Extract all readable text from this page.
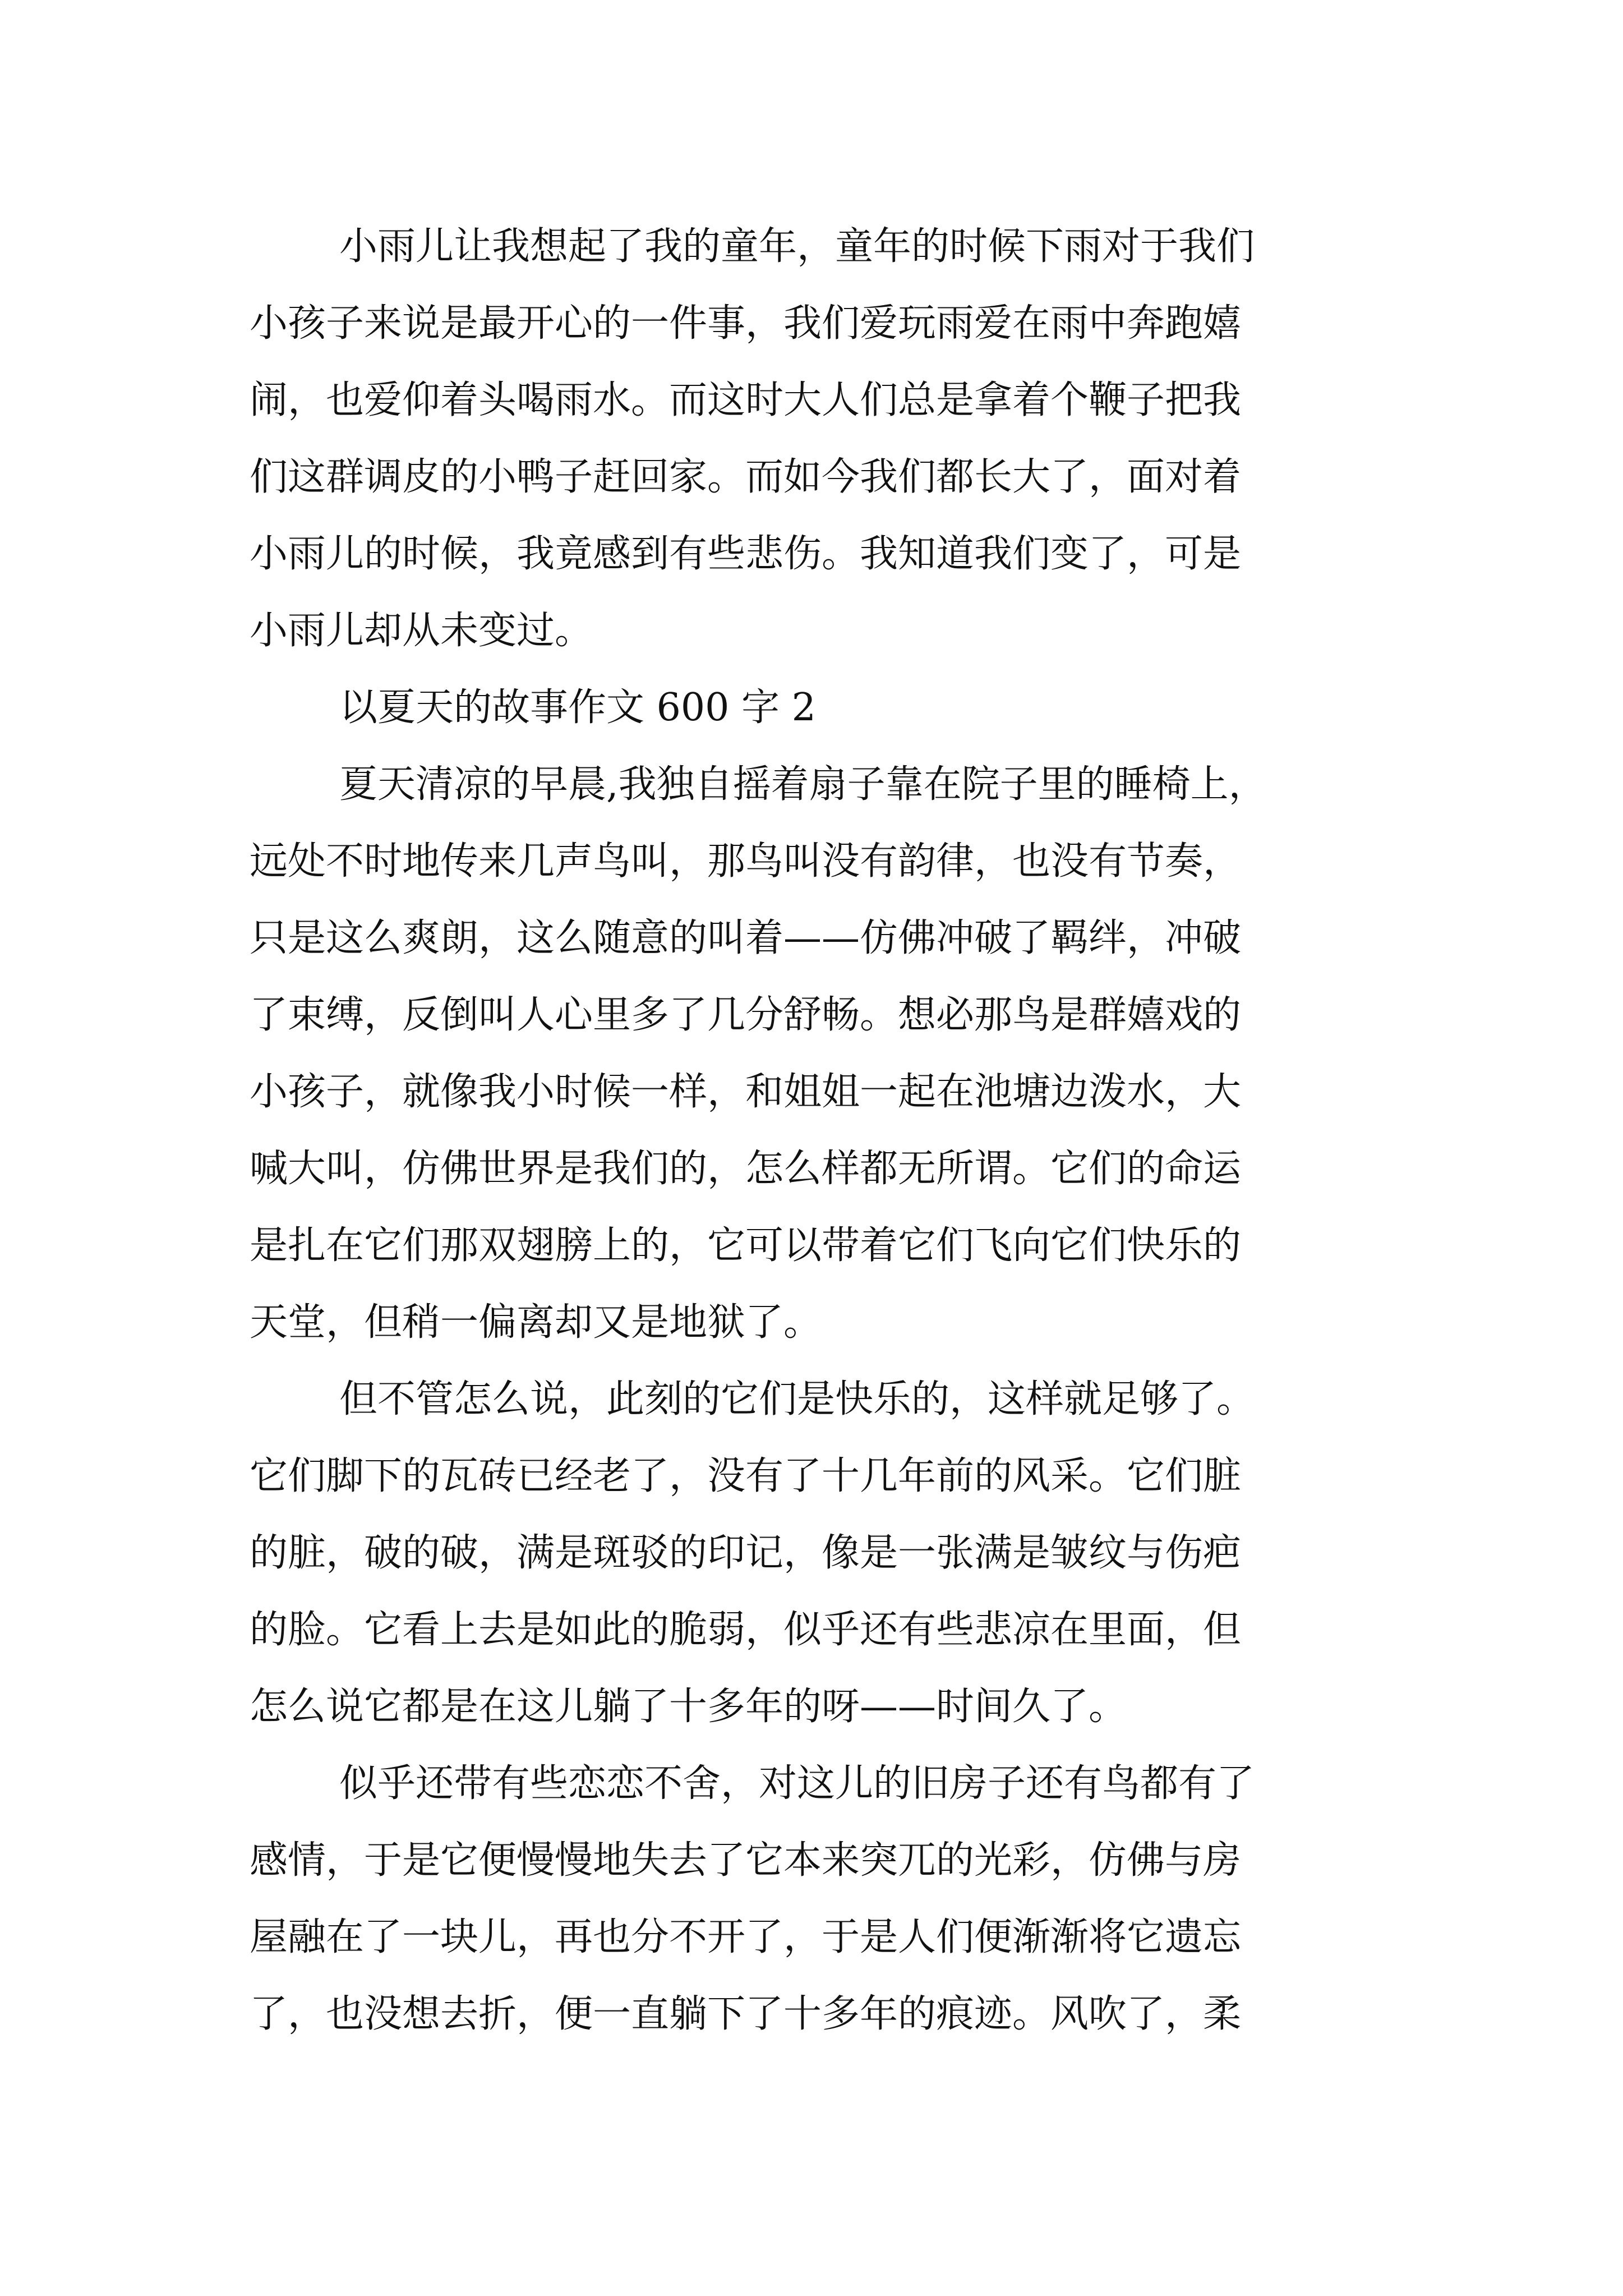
小雨儿让我想起了我的童年，童年的时候下雨对于我们
小孩子来说是最开心的一件事，我们爱玩雨爱在雨中奔跑嬉
闹，也爱仰着头喝雨水。而这时大人们总是拿着个鞭子把我
们这群调皮的小鸭子赶回家。而如今我们都长大了，面对着
小雨儿的时候，我竟感到有些悲伤。我知道我们变了，可是
小雨儿却从未变过。
以夏天的故事作文 600 字 2
夏天清凉的早晨,我独自摇着扇子靠在院子里的睡椅上，
远处不时地传来几声鸟叫，那鸟叫没有韵律，也没有节奏，
只是这么爽朗，这么随意的叫着——仿佛冲破了羁绊，冲破
了束缚，反倒叫人心里多了几分舒畅。想必那鸟是群嬉戏的
小孩子，就像我小时候一样，和姐姐一起在池塘边泼水，大
喊大叫，仿佛世界是我们的，怎么样都无所谓。它们的命运
是扎在它们那双翅膀上的，它可以带着它们飞向它们快乐的
天堂，但稍一偏离却又是地狱了。
但不管怎么说，此刻的它们是快乐的，这样就足够了。
它们脚下的瓦砖已经老了，没有了十几年前的风采。它们脏
的脏，破的破，满是斑驳的印记，像是一张满是皱纹与伤疤
的脸。它看上去是如此的脆弱，似乎还有些悲凉在里面，但
怎么说它都是在这儿躺了十多年的呀——时间久了。
似乎还带有些恋恋不舍，对这儿的旧房子还有鸟都有了
感情，于是它便慢慢地失去了它本来突兀的光彩，仿佛与房
屋融在了一块儿，再也分不开了，于是人们便渐渐将它遗忘
了，也没想去折，便一直躺下了十多年的痕迹。风吹了，柔
